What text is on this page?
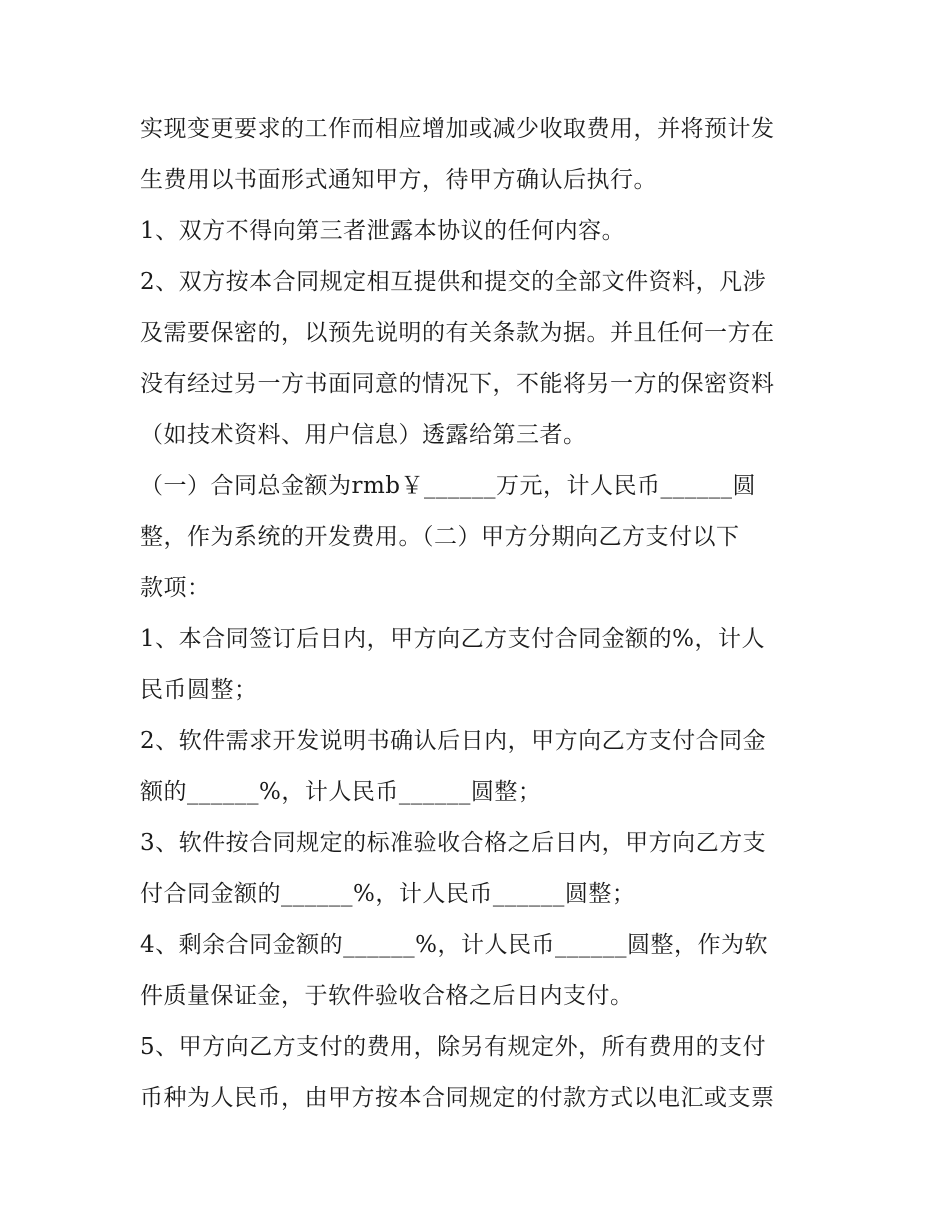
实现变更要求的工作而相应增加或减少收取费用，并将预计发
生费用以书面形式通知甲方，待甲方确认后执行。
1、双方不得向第三者泄露本协议的任何内容。
2、双方按本合同规定相互提供和提交的全部文件资料，凡涉
及需要保密的，以预先说明的有关条款为据。并且任何一方在
没有经过另一方书面同意的情况下，不能将另一方的保密资料
（如技术资料、用户信息）透露给第三者。
（一）合同总金额为rmb￥______万元，计人民币______圆
整，作为系统的开发费用。（二）甲方分期向乙方支付以下
款项：
1、本合同签订后日内，甲方向乙方支付合同金额的%，计人
民币圆整；
2、软件需求开发说明书确认后日内，甲方向乙方支付合同金
额的______%，计人民币______圆整；
3、软件按合同规定的标准验收合格之后日内，甲方向乙方支
付合同金额的______%，计人民币______圆整；
4、剩余合同金额的______%，计人民币______圆整，作为软
件质量保证金，于软件验收合格之后日内支付。
5、甲方向乙方支付的费用，除另有规定外，所有费用的支付
币种为人民币，由甲方按本合同规定的付款方式以电汇或支票
